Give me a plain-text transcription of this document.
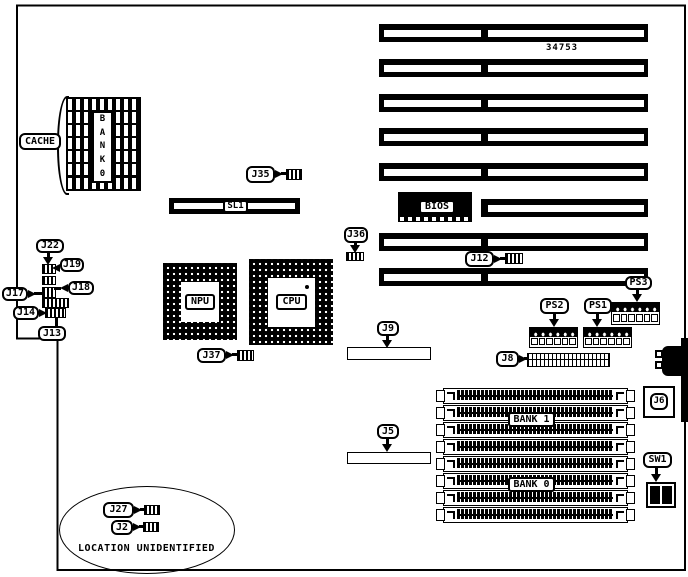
34753
BIOS
SL1
B
A
N
K
0
CACHE
J35
J36
J12
J22
J19
J18
J17
J14
J13
NPU	CPU
J37
J9
J5
J8
PS2	PS1
PS3
J6
SW1
BANK 1
BANK 0
LOCATION UNIDENTIFIED
J27
J2
